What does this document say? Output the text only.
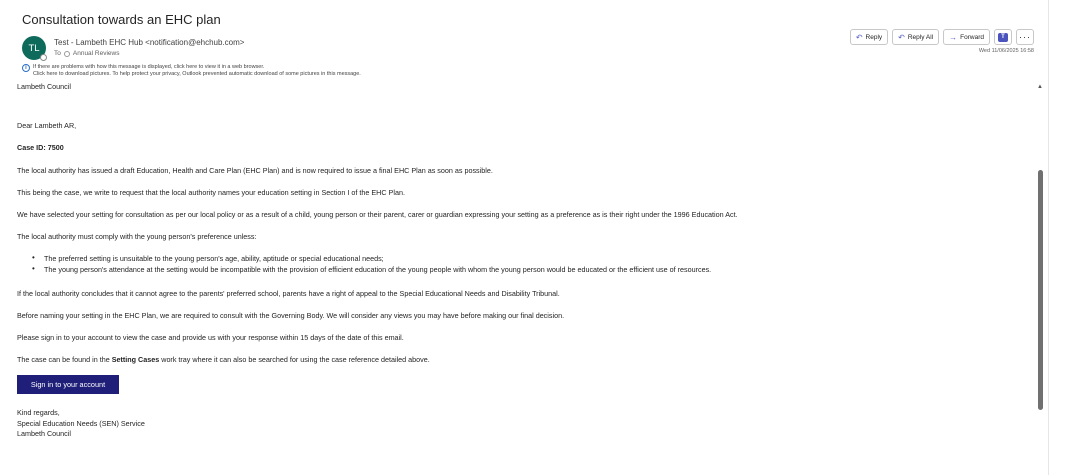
Consultation towards an EHC plan
TL Test - Lambeth EHC Hub <notification@ehchub.com>
To Annual Reviews
i	If there are problems with how this message is displayed, click here to view it in a web browser.
Click here to download pictures. To help protect your privacy, Outlook prevented automatic download of some pictures in this message.
↶ Reply ↶ Reply All → Forward	T	···
Wed 11/06/2025 16:58
▲

Lambeth Council

Dear Lambeth AR,

Case ID: 7500

The local authority has issued a draft Education, Health and Care Plan (EHC Plan) and is now required to issue a final EHC Plan as soon as possible.

This being the case, we write to request that the local authority names your education setting in Section I of the EHC Plan.

We have selected your setting for consultation as per our local policy or as a result of a child, young person or their parent, carer or guardian expressing your setting as a preference as is their right under the 1996 Education Act.

The local authority must comply with the young person's preference unless:

• The preferred setting is unsuitable to the young person's age, ability, aptitude or special educational needs;
• The young person's attendance at the setting would be incompatible with the provision of efficient education of the young people with whom the young person would be educated or the efficient use of resources.

If the local authority concludes that it cannot agree to the parents' preferred school, parents have a right of appeal to the Special Educational Needs and Disability Tribunal.

Before naming your setting in the EHC Plan, we are required to consult with the Governing Body. We will consider any views you may have before making our final decision.

Please sign in to your account to view the case and provide us with your response within 15 days of the date of this email.

The case can be found in the Setting Cases work tray where it can also be searched for using the case reference detailed above.

Sign in to your account
Kind regards,
Special Education Needs (SEN) Service
Lambeth Council
